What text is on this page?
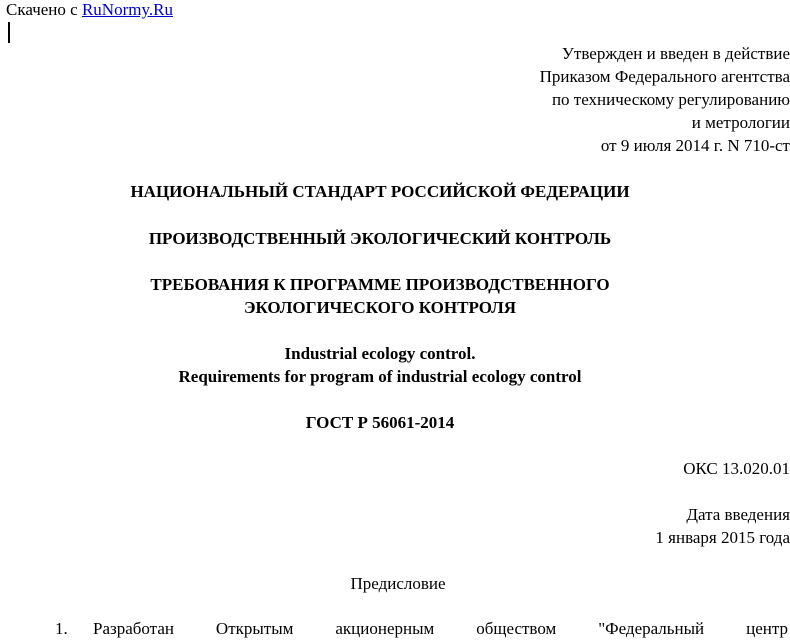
Скачено с RuNormy.Ru
Утвержден и введен в действие
Приказом Федерального агентства
по техническому регулированию
и метрологии
от 9 июля 2014 г. N 710-ст
НАЦИОНАЛЬНЫЙ СТАНДАРТ РОССИЙСКОЙ ФЕДЕРАЦИИ
ПРОИЗВОДСТВЕННЫЙ ЭКОЛОГИЧЕСКИЙ КОНТРОЛЬ
ТРЕБОВАНИЯ К ПРОГРАММЕ ПРОИЗВОДСТВЕННОГО
ЭКОЛОГИЧЕСКОГО КОНТРОЛЯ
Industrial ecology control.
Requirements for program of industrial ecology control
ГОСТ Р 56061-2014
ОКС 13.020.01
Дата введения
1 января 2015 года
Предисловие
1. Разработан Открытым акционерным обществом "Федеральный центр
